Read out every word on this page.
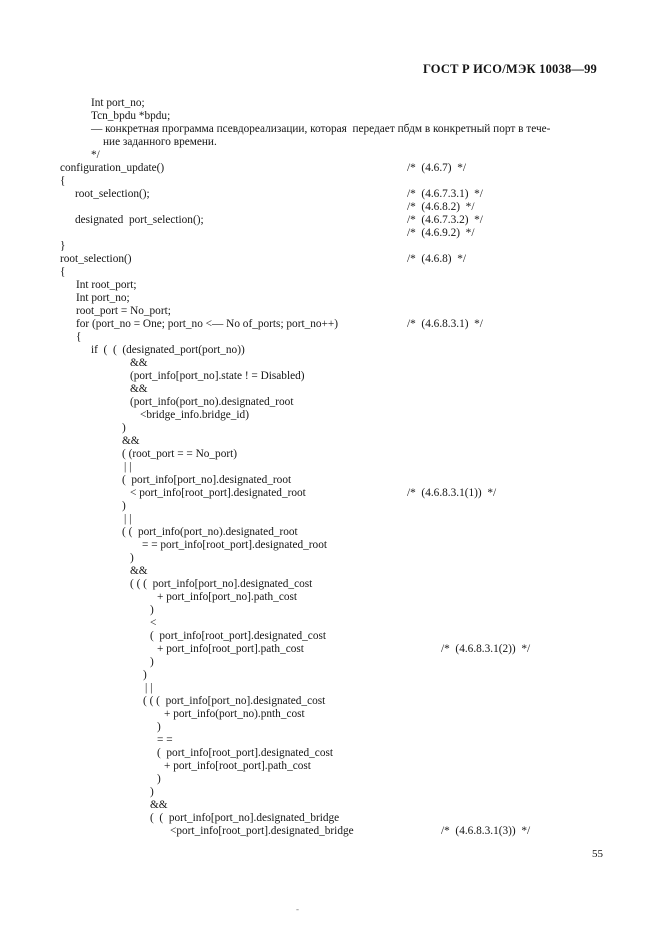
ГОСТ Р ИСО/МЭК 10038—99
Int port_no;
Tcn_bpdu *bpdu;
— конкретная программа псевдореализации, которая  передает пбдм в конкретный порт в тече-
ние заданного времени.
*/
configuration_update()
{
root_selection();
designated  port_selection();
}
root_selection()
{
Int root_port;
Int port_no;
root_port = No_port;
for (port_no = One; port_no <— No of_ports; port_no++)
{
if  (  (  (designated_port(port_no))
&&
(port_info[port_no].state ! = Disabled)
&&
(port_info(port_no).designated_root
<bridge_info.bridge_id)
)
&&
( (root_port = = No_port)
| |
(  port_info[port_no].designated_root
< port_info[root_port].designated_root
)
| |
( (  port_info(port_no).designated_root
= = port_info[root_port].designated_root
)
&&
( ( (  port_info[port_no].designated_cost
+ port_info[port_no].path_cost
)
<
(  port_info[root_port].designated_cost
+ port_info[root_port].path_cost
)
)
| |
( ( (  port_info[port_no].designated_cost
+ port_info(port_no).pnth_cost
)
= =
(  port_info[root_port].designated_cost
+ port_info[root_port].path_cost
)
)
&&
(  (  port_info[port_no].designated_bridge
<port_info[root_port].designated_bridge
/*  (4.6.7)  */
/*  (4.6.7.3.1)  */
/*  (4.6.8.2)  */
/*  (4.6.7.3.2)  */
/*  (4.6.9.2)  */
/*  (4.6.8)  */
/*  (4.6.8.3.1)  */
/*  (4.6.8.3.1(1))  */
/*  (4.6.8.3.1(2))  */
/*  (4.6.8.3.1(3))  */
55
-
